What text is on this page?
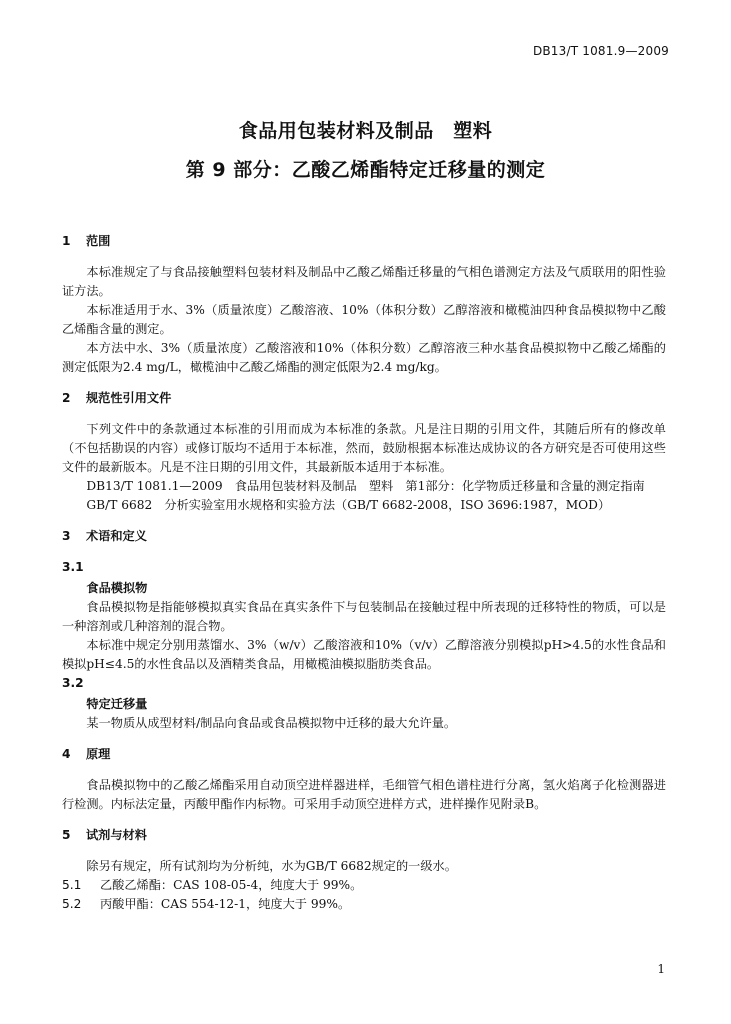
DB13/T 1081.9—2009
食品用包装材料及制品　塑料
第 9 部分：乙酸乙烯酯特定迁移量的测定
1 范围

本标准规定了与食品接触塑料包装材料及制品中乙酸乙烯酯迁移量的气相色谱测定方法及气质联用的阳性验证方法。

本标准适用于水、3%（质量浓度）乙酸溶液、10%（体积分数）乙醇溶液和橄榄油四种食品模拟物中乙酸乙烯酯含量的测定。

本方法中水、3%（质量浓度）乙酸溶液和10%（体积分数）乙醇溶液三种水基食品模拟物中乙酸乙烯酯的测定低限为2.4 mg/L，橄榄油中乙酸乙烯酯的测定低限为2.4 mg/kg。

2 规范性引用文件

下列文件中的条款通过本标准的引用而成为本标准的条款。凡是注日期的引用文件，其随后所有的修改单（不包括勘误的内容）或修订版均不适用于本标准，然而，鼓励根据本标准达成协议的各方研究是否可使用这些文件的最新版本。凡是不注日期的引用文件，其最新版本适用于本标准。

DB13/T 1081.1—2009　食品用包装材料及制品　塑料　第1部分：化学物质迁移量和含量的测定指南

GB/T 6682　分析实验室用水规格和实验方法（GB/T 6682-2008，ISO 3696:1987，MOD）

3 术语和定义

3.1

食品模拟物

食品模拟物是指能够模拟真实食品在真实条件下与包装制品在接触过程中所表现的迁移特性的物质，可以是一种溶剂或几种溶剂的混合物。

本标准中规定分别用蒸馏水、3%（w/v）乙酸溶液和10%（v/v）乙醇溶液分别模拟pH>4.5的水性食品和模拟pH≤4.5的水性食品以及酒精类食品，用橄榄油模拟脂肪类食品。

3.2

特定迁移量

某一物质从成型材料/制品向食品或食品模拟物中迁移的最大允许量。

4 原理

食品模拟物中的乙酸乙烯酯采用自动顶空进样器进样，毛细管气相色谱柱进行分离，氢火焰离子化检测器进行检测。内标法定量，丙酸甲酯作内标物。可采用手动顶空进样方式，进样操作见附录B。

5 试剂与材料

除另有规定，所有试剂均为分析纯，水为GB/T 6682规定的一级水。

5.1 乙酸乙烯酯：CAS 108-05-4，纯度大于 99%。

5.2 丙酸甲酯：CAS 554-12-1，纯度大于 99%。

1
